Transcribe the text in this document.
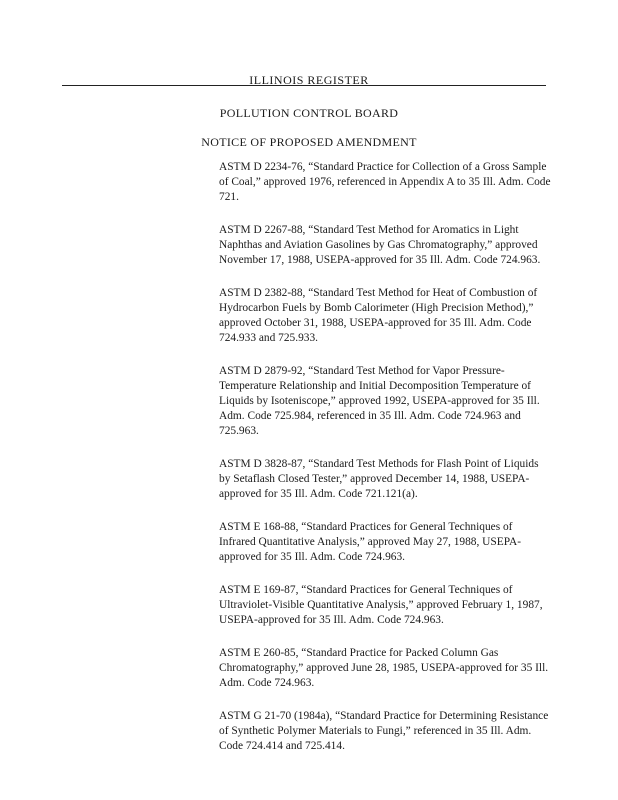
ILLINOIS REGISTER
POLLUTION CONTROL BOARD
NOTICE OF PROPOSED AMENDMENT
ASTM D 2234-76, “Standard Practice for Collection of a Gross Sample of Coal,” approved 1976, referenced in Appendix A to 35 Ill. Adm. Code 721.
ASTM D 2267-88, “Standard Test Method for Aromatics in Light Naphthas and Aviation Gasolines by Gas Chromatography,” approved November 17, 1988, USEPA-approved for 35 Ill. Adm. Code 724.963.
ASTM D 2382-88, “Standard Test Method for Heat of Combustion of Hydrocarbon Fuels by Bomb Calorimeter (High Precision Method),” approved October 31, 1988, USEPA-approved for 35 Ill. Adm. Code 724.933 and 725.933.
ASTM D 2879-92, “Standard Test Method for Vapor Pressure-Temperature Relationship and Initial Decomposition Temperature of Liquids by Isoteniscope,” approved 1992, USEPA-approved for 35 Ill. Adm. Code 725.984, referenced in 35 Ill. Adm. Code 724.963 and 725.963.
ASTM D 3828-87, “Standard Test Methods for Flash Point of Liquids by Setaflash Closed Tester,” approved December 14, 1988, USEPA-approved for 35 Ill. Adm. Code 721.121(a).
ASTM E 168-88, “Standard Practices for General Techniques of Infrared Quantitative Analysis,” approved May 27, 1988, USEPA-approved for 35 Ill. Adm. Code 724.963.
ASTM E 169-87, “Standard Practices for General Techniques of Ultraviolet-Visible Quantitative Analysis,” approved February 1, 1987, USEPA-approved for 35 Ill. Adm. Code 724.963.
ASTM E 260-85, “Standard Practice for Packed Column Gas Chromatography,” approved June 28, 1985, USEPA-approved for 35 Ill. Adm. Code 724.963.
ASTM G 21-70 (1984a), “Standard Practice for Determining Resistance of Synthetic Polymer Materials to Fungi,” referenced in 35 Ill. Adm. Code 724.414 and 725.414.
